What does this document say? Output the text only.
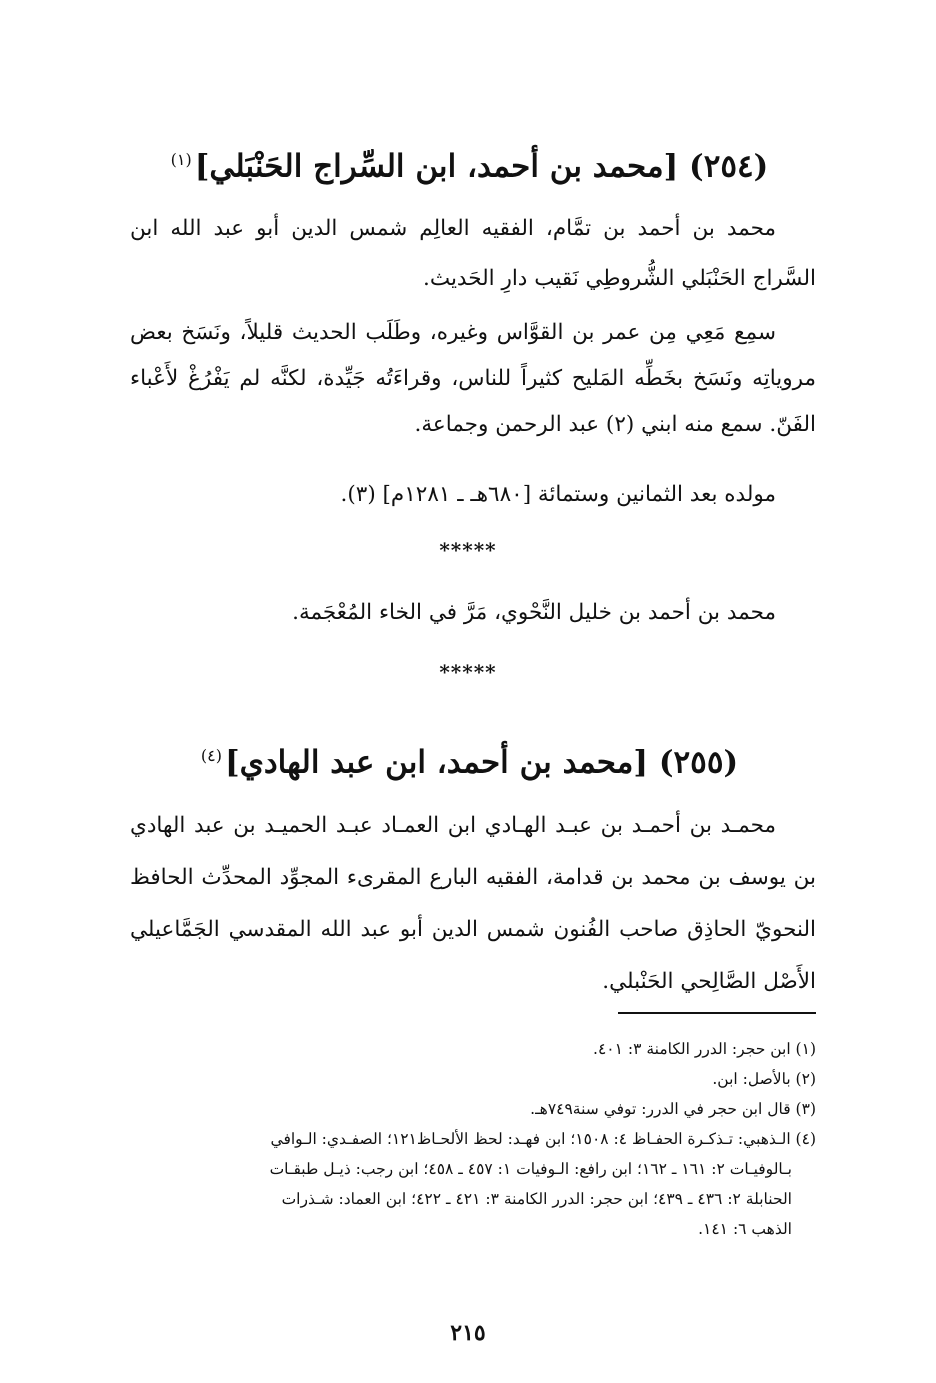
(٢٥٤) [محمد بن أحمد، ابن السِّراج الحَنْبَلي]$^{(١)}$

محمد بن أحمد بن تمَّام، الفقيه العالِم شمس الدين أبو عبد الله ابن السَّراج الحَنْبَلي الشُّروطِي نَقيب دارِ الحَديث.

سمِع مَعِي مِن عمر بن القوَّاس وغيره، وطَلَب الحديث قليلاً، ونَسَخ بعض مروياتِه ونَسَخ بخَطِّه المَليح كثيراً للناس، وقراءَتُه جَيِّدة، لكنَّه لم يَفْرُغْ لأَعْباء الفَنّ. سمع منه ابني (٢) عبد الرحمن وجماعة.

مولده بعد الثمانين وستمائة [٦٨٠هـ ـ ١٢٨١م] (٣).

*****

محمد بن أحمد بن خليل النَّحْوي، مَرَّ في الخاء المُعْجَمة.

*****
(٢٥٥) [محمد بن أحمد، ابن عبد الهادي]$^{(٤)}$

محمـد بن أحمـد بن عبـد الهـادي ابن العمـاد عبـد الحميـد بن عبد الهادي بن يوسف بن محمد بن قدامة، الفقيه البارع المقرىء المجوِّد المحدِّث الحافظ النحويّ الحاذِق صاحب الفُنون شمس الدين أبو عبد الله المقدسي الجَمَّاعيلي الأَصْل الصَّالِحي الحَنْبلي.

(١) ابن حجر: الدرر الكامنة ٣: ٤٠١.

(٢) بالأصل: ابن.

(٣) قال ابن حجر في الدرر: توفي سنة٧٤٩هـ.

(٤) الـذهبي: تـذكـرة الحفـاظ ٤: ١٥٠٨؛ ابن فهـد: لحظ الألحـاظ١٢١؛ الصفـدي: الـوافي

بـالوفيـات ٢: ١٦١ ـ ١٦٢؛ ابن رافع: الـوفيات ١: ٤٥٧ ـ ٤٥٨؛ ابن رجب: ذيـل طبقـات

الحنابلة ٢: ٤٣٦ ـ ٤٣٩؛ ابن حجر: الدرر الكامنة ٣: ٤٢١ ـ ٤٢٢؛ ابن العماد: شـذرات

الذهب ٦: ١٤١.

٢١٥
